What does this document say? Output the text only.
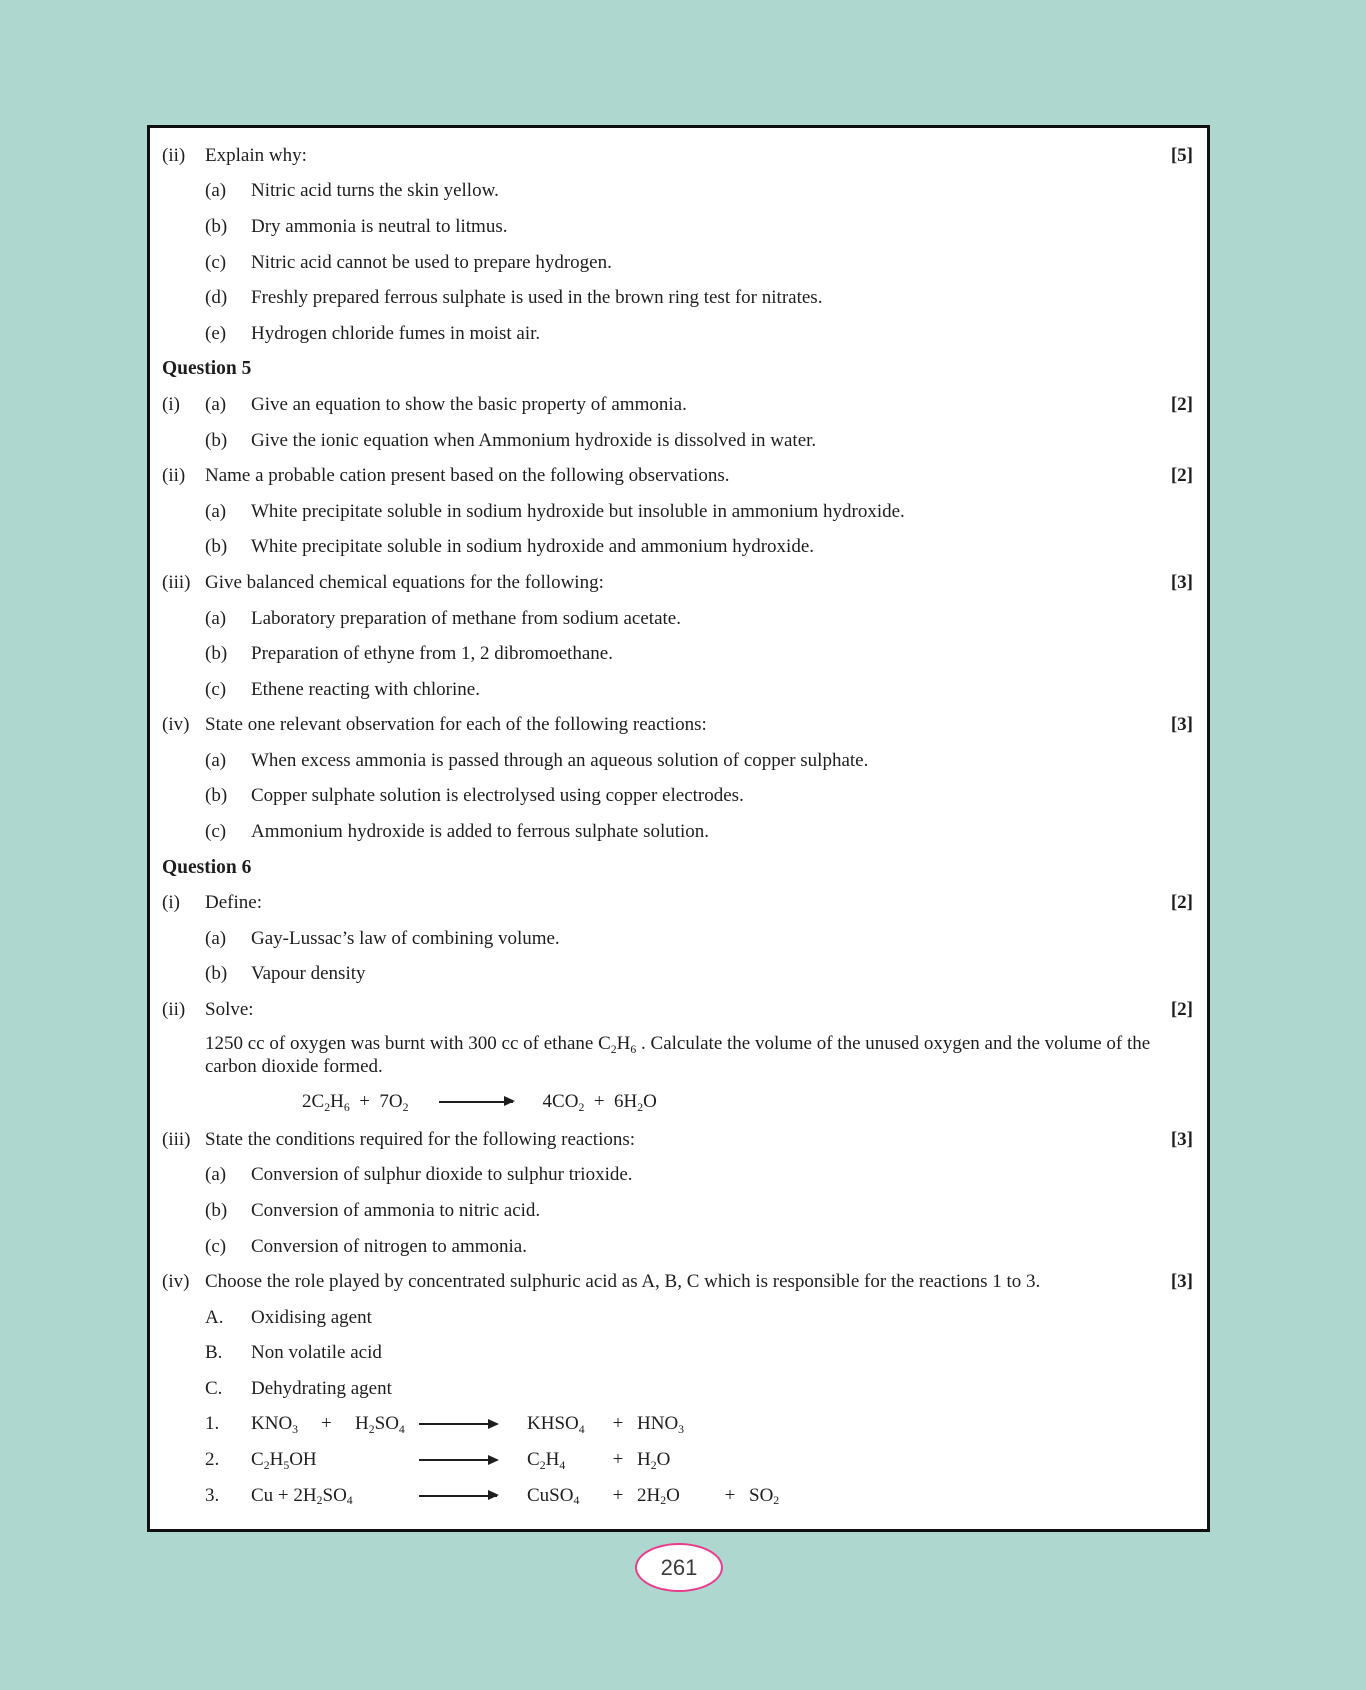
(ii)	Explain why:	[5]
(a)	Nitric acid turns the skin yellow.
(b)	Dry ammonia is neutral to litmus.
(c)	Nitric acid cannot be used to prepare hydrogen.
(d)	Freshly prepared ferrous sulphate is used in the brown ring test for nitrates.
(e)	Hydrogen chloride fumes in moist air.
Question 5
(i)	(a)	Give an equation to show the basic property of ammonia.	[2]
(b)	Give the ionic equation when Ammonium hydroxide is dissolved in water.
(ii)	Name a probable cation present based on the following observations.	[2]
(a)	White precipitate soluble in sodium hydroxide but insoluble in ammonium hydroxide.
(b)	White precipitate soluble in sodium hydroxide and ammonium hydroxide.
(iii) Give balanced chemical equations for the following:	[3]
(a)	Laboratory preparation of methane from sodium acetate.
(b)	Preparation of ethyne from 1, 2 dibromoethane.
(c)	Ethene reacting with chlorine.
(iv) State one relevant observation for each of the following reactions:	[3]
(a)	When excess ammonia is passed through an aqueous solution of copper sulphate.
(b)	Copper sulphate solution is electrolysed using copper electrodes.
(c)	Ammonium hydroxide is added to ferrous sulphate solution.
Question 6
(i)	Define:	[2]
(a)	Gay-Lussac’s law of combining volume.
(b)	Vapour density
(ii)	Solve:	[2]

1250 cc of oxygen was burnt with 300 cc of ethane $C_2H_6$ . Calculate the volume of the unused oxygen and the volume of the carbon dioxide formed.

$2C_2H_6$ + $7O_2$	$4CO_2$ + $6H_2O$
(iii) State the conditions required for the following reactions:	[3]
(a)	Conversion of sulphur dioxide to sulphur trioxide.
(b)	Conversion of ammonia to nitric acid.
(c)	Conversion of nitrogen to ammonia.
(iv) Choose the role played by concentrated sulphuric acid as A, B, C which is responsible for the reactions 1 to 3.	[3]
A.	Oxidising agent
B.	Non volatile acid
C.	Dehydrating agent
1.	$KNO_3$	+	$H_2SO_4$	$KHSO_4$	+ $HNO_3$
2.	$C_2H_5OH$	$C_2H_4$	+ $H_2O$
3.	$Cu + 2H_2SO_4$	CuSO$_4$	+ $2H_2O$	+ $SO_2$
261
